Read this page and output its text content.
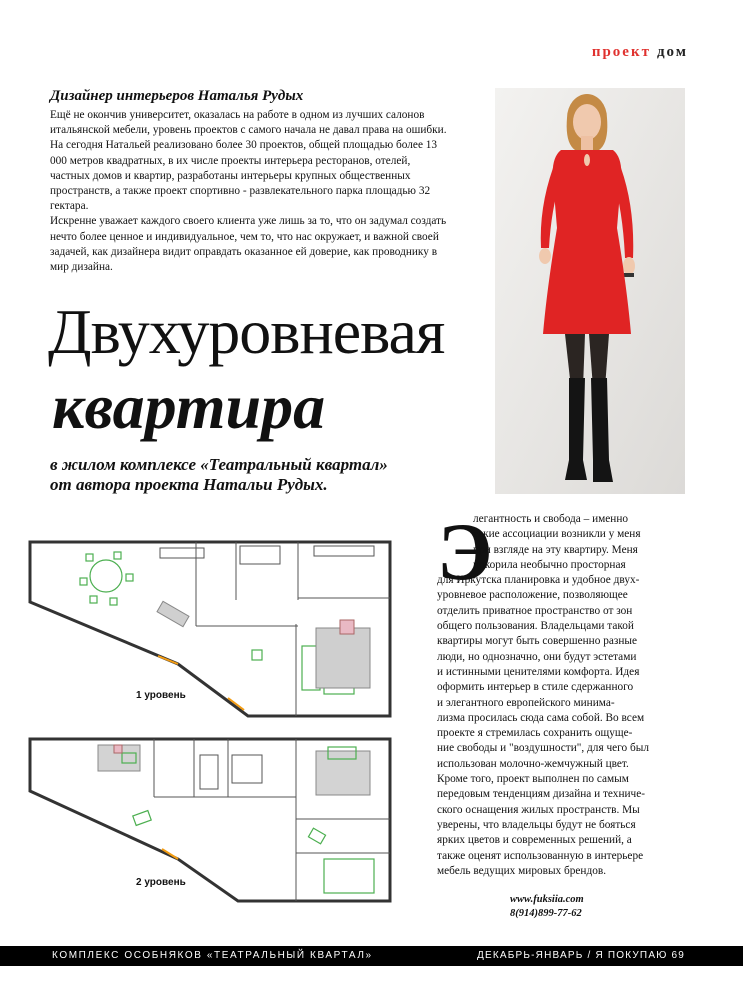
проект дом
Дизайнер интерьеров Наталья Рудых

Ещё не окончив университет, оказалась на работе в одном из лучших салонов итальянской мебели, уровень проектов с самого начала не давал права на ошибки. На сегодня Натальей реализовано более 30 проектов, общей площадью более 13 000 метров квадратных, в их числе проекты интерьера ресторанов, отелей, частных домов и квартир, разработаны интерьеры крупных общественных пространств, а также проект спортивно - развлекательного парка площадью 32 гектара.

Искренне уважает каждого своего клиента уже лишь за то, что он задумал создать нечто более ценное и индивидуальное, чем то, что нас окружает, и важной своей задачей, как дизайнера видит оправдать оказанное ей доверие, как проводнику в мир дизайна.

Двухуровневая
квартира
в жилом комплексе «Театральный квартал»
от автора проекта Натальи Рудых.
1 уровень
2 уровень
Э
легантность и свобода – именно
такие ассоциации возникли у меня
при взгляде на эту квартиру. Меня
покорила необычно просторная
для Иркутска планировка и удобное двух-
уровневое расположение, позволяющее
отделить приватное пространство от зон
общего пользования. Владельцами такой
квартиры могут быть совершенно разные
люди, но однозначно, они будут эстетами
и истинными ценителями комфорта. Идея
оформить интерьер в стиле сдержанного
и элегантного европейского минима-
лизма просилась сюда сама собой. Во всем
проекте я стремилась сохранить ощуще-
ние свободы и "воздушности", для чего был
использован молочно-жемчужный цвет.
Кроме того, проект выполнен по самым
передовым тенденциям дизайна и техниче-
ского оснащения жилых пространств. Мы
уверены, что владельцы будут не бояться
ярких цветов и современных решений, а
также оценят использованную в интерьере
мебель ведущих мировых брендов.
www.fuksiia.com
8(914)899-77-62
КОМПЛЕКС ОСОБНЯКОВ «ТЕАТРАЛЬНЫЙ КВАРТАЛ»	ДЕКАБРЬ-ЯНВАРЬ / Я ПОКУПАЮ 69
